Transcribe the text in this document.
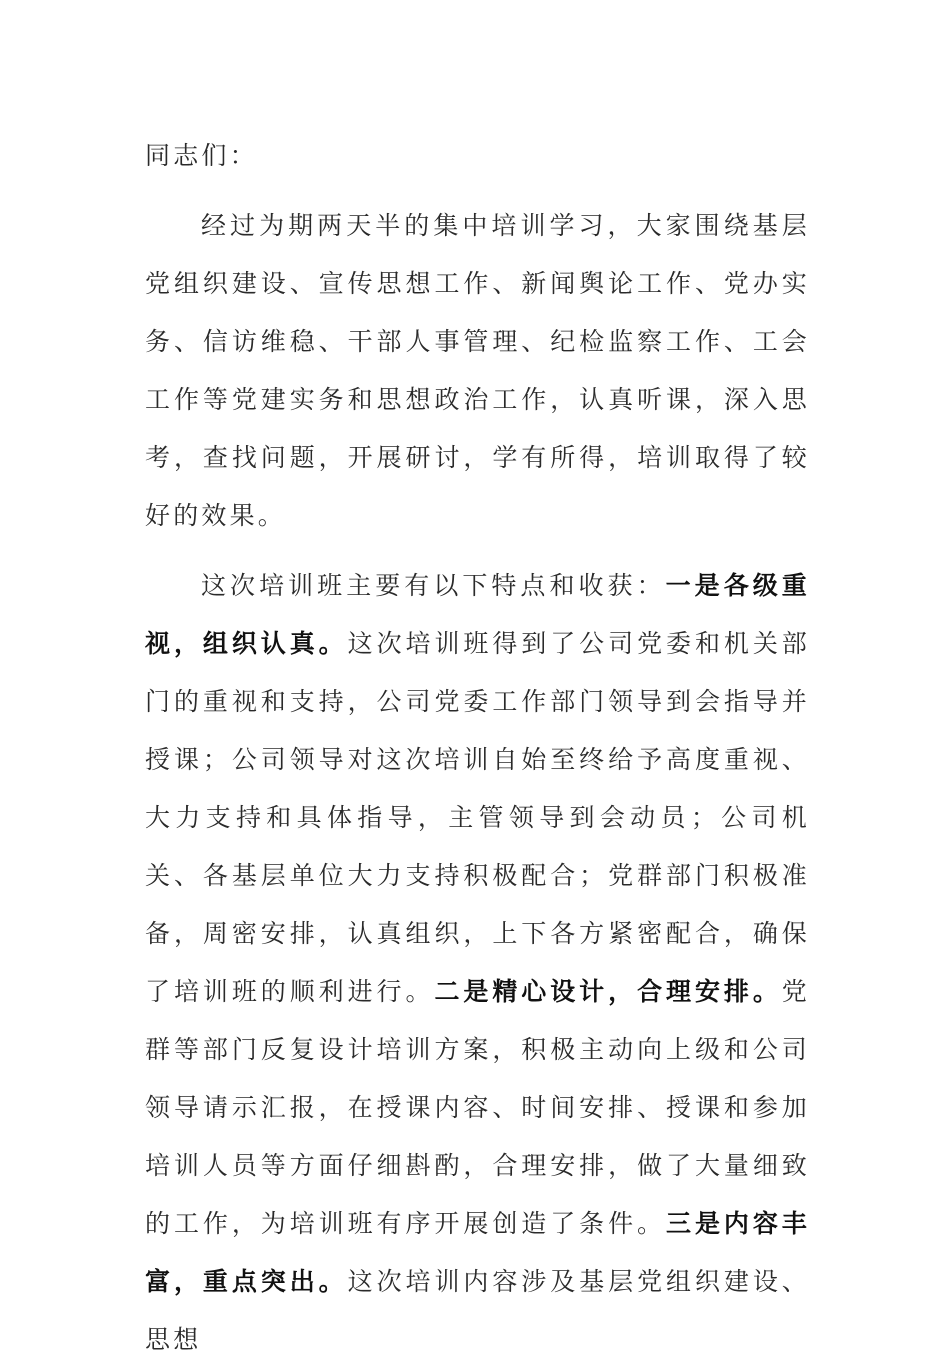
同志们：

经过为期两天半的集中培训学习，大家围绕基层党组织建设、宣传思想工作、新闻舆论工作、党办实务、信访维稳、干部人事管理、纪检监察工作、工会工作等党建实务和思想政治工作，认真听课，深入思考，查找问题，开展研讨，学有所得，培训取得了较好的效果。

这次培训班主要有以下特点和收获：一是各级重视，组织认真。这次培训班得到了公司党委和机关部门的重视和支持，公司党委工作部门领导到会指导并授课；公司领导对这次培训自始至终给予高度重视、大力支持和具体指导，主管领导到会动员；公司机关、各基层单位大力支持积极配合；党群部门积极准备，周密安排，认真组织，上下各方紧密配合，确保了培训班的顺利进行。二是精心设计，合理安排。党群等部门反复设计培训方案，积极主动向上级和公司领导请示汇报，在授课内容、时间安排、授课和参加培训人员等方面仔细斟酌，合理安排，做了大量细致的工作，为培训班有序开展创造了条件。三是内容丰富，重点突出。这次培训内容涉及基层党组织建设、思想
